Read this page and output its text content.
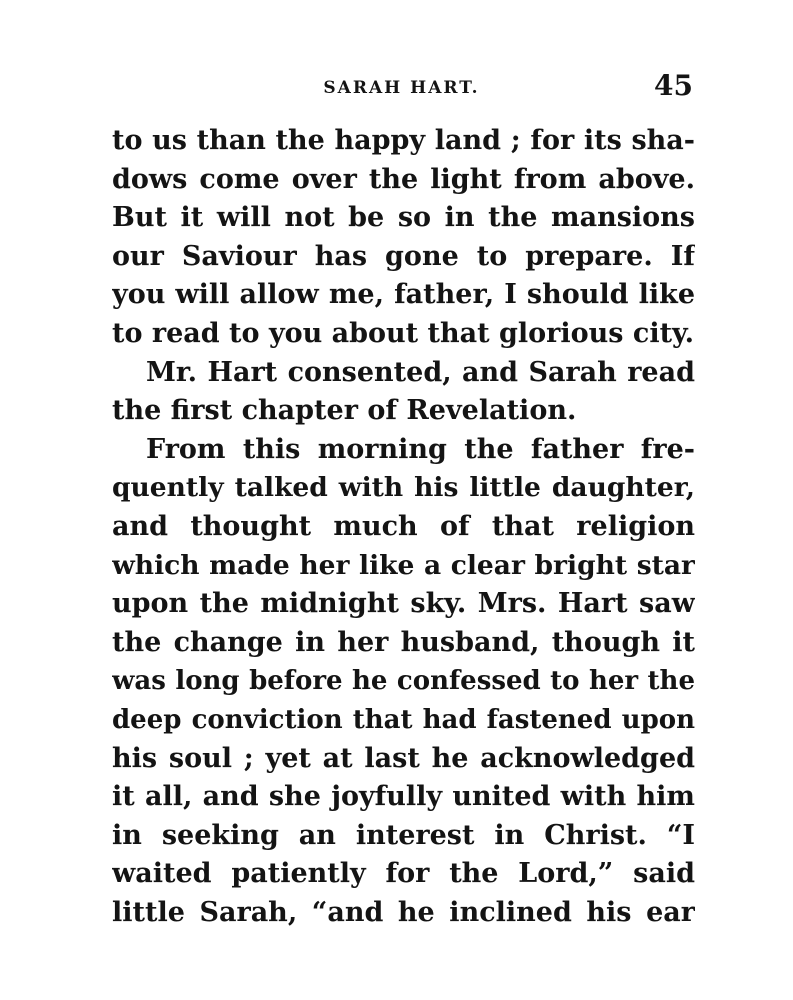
SARAH HART.	45
to us than the happy land ; for its sha-
dows come over the light from above.
But it will not be so in the mansions
our Saviour has gone to prepare. If
you will allow me, father, I should like
to read to you about that glorious city.
Mr. Hart consented, and Sarah read
the first chapter of Revelation.
From this morning the father fre-
quently talked with his little daughter,
and thought much of that religion
which made her like a clear bright star
upon the midnight sky. Mrs. Hart saw
the change in her husband, though it
was long before he confessed to her the
deep conviction that had fastened upon
his soul ; yet at last he acknowledged
it all, and she joyfully united with him
in seeking an interest in Christ. “I
waited patiently for the Lord,” said
little Sarah, “and he inclined his ear
